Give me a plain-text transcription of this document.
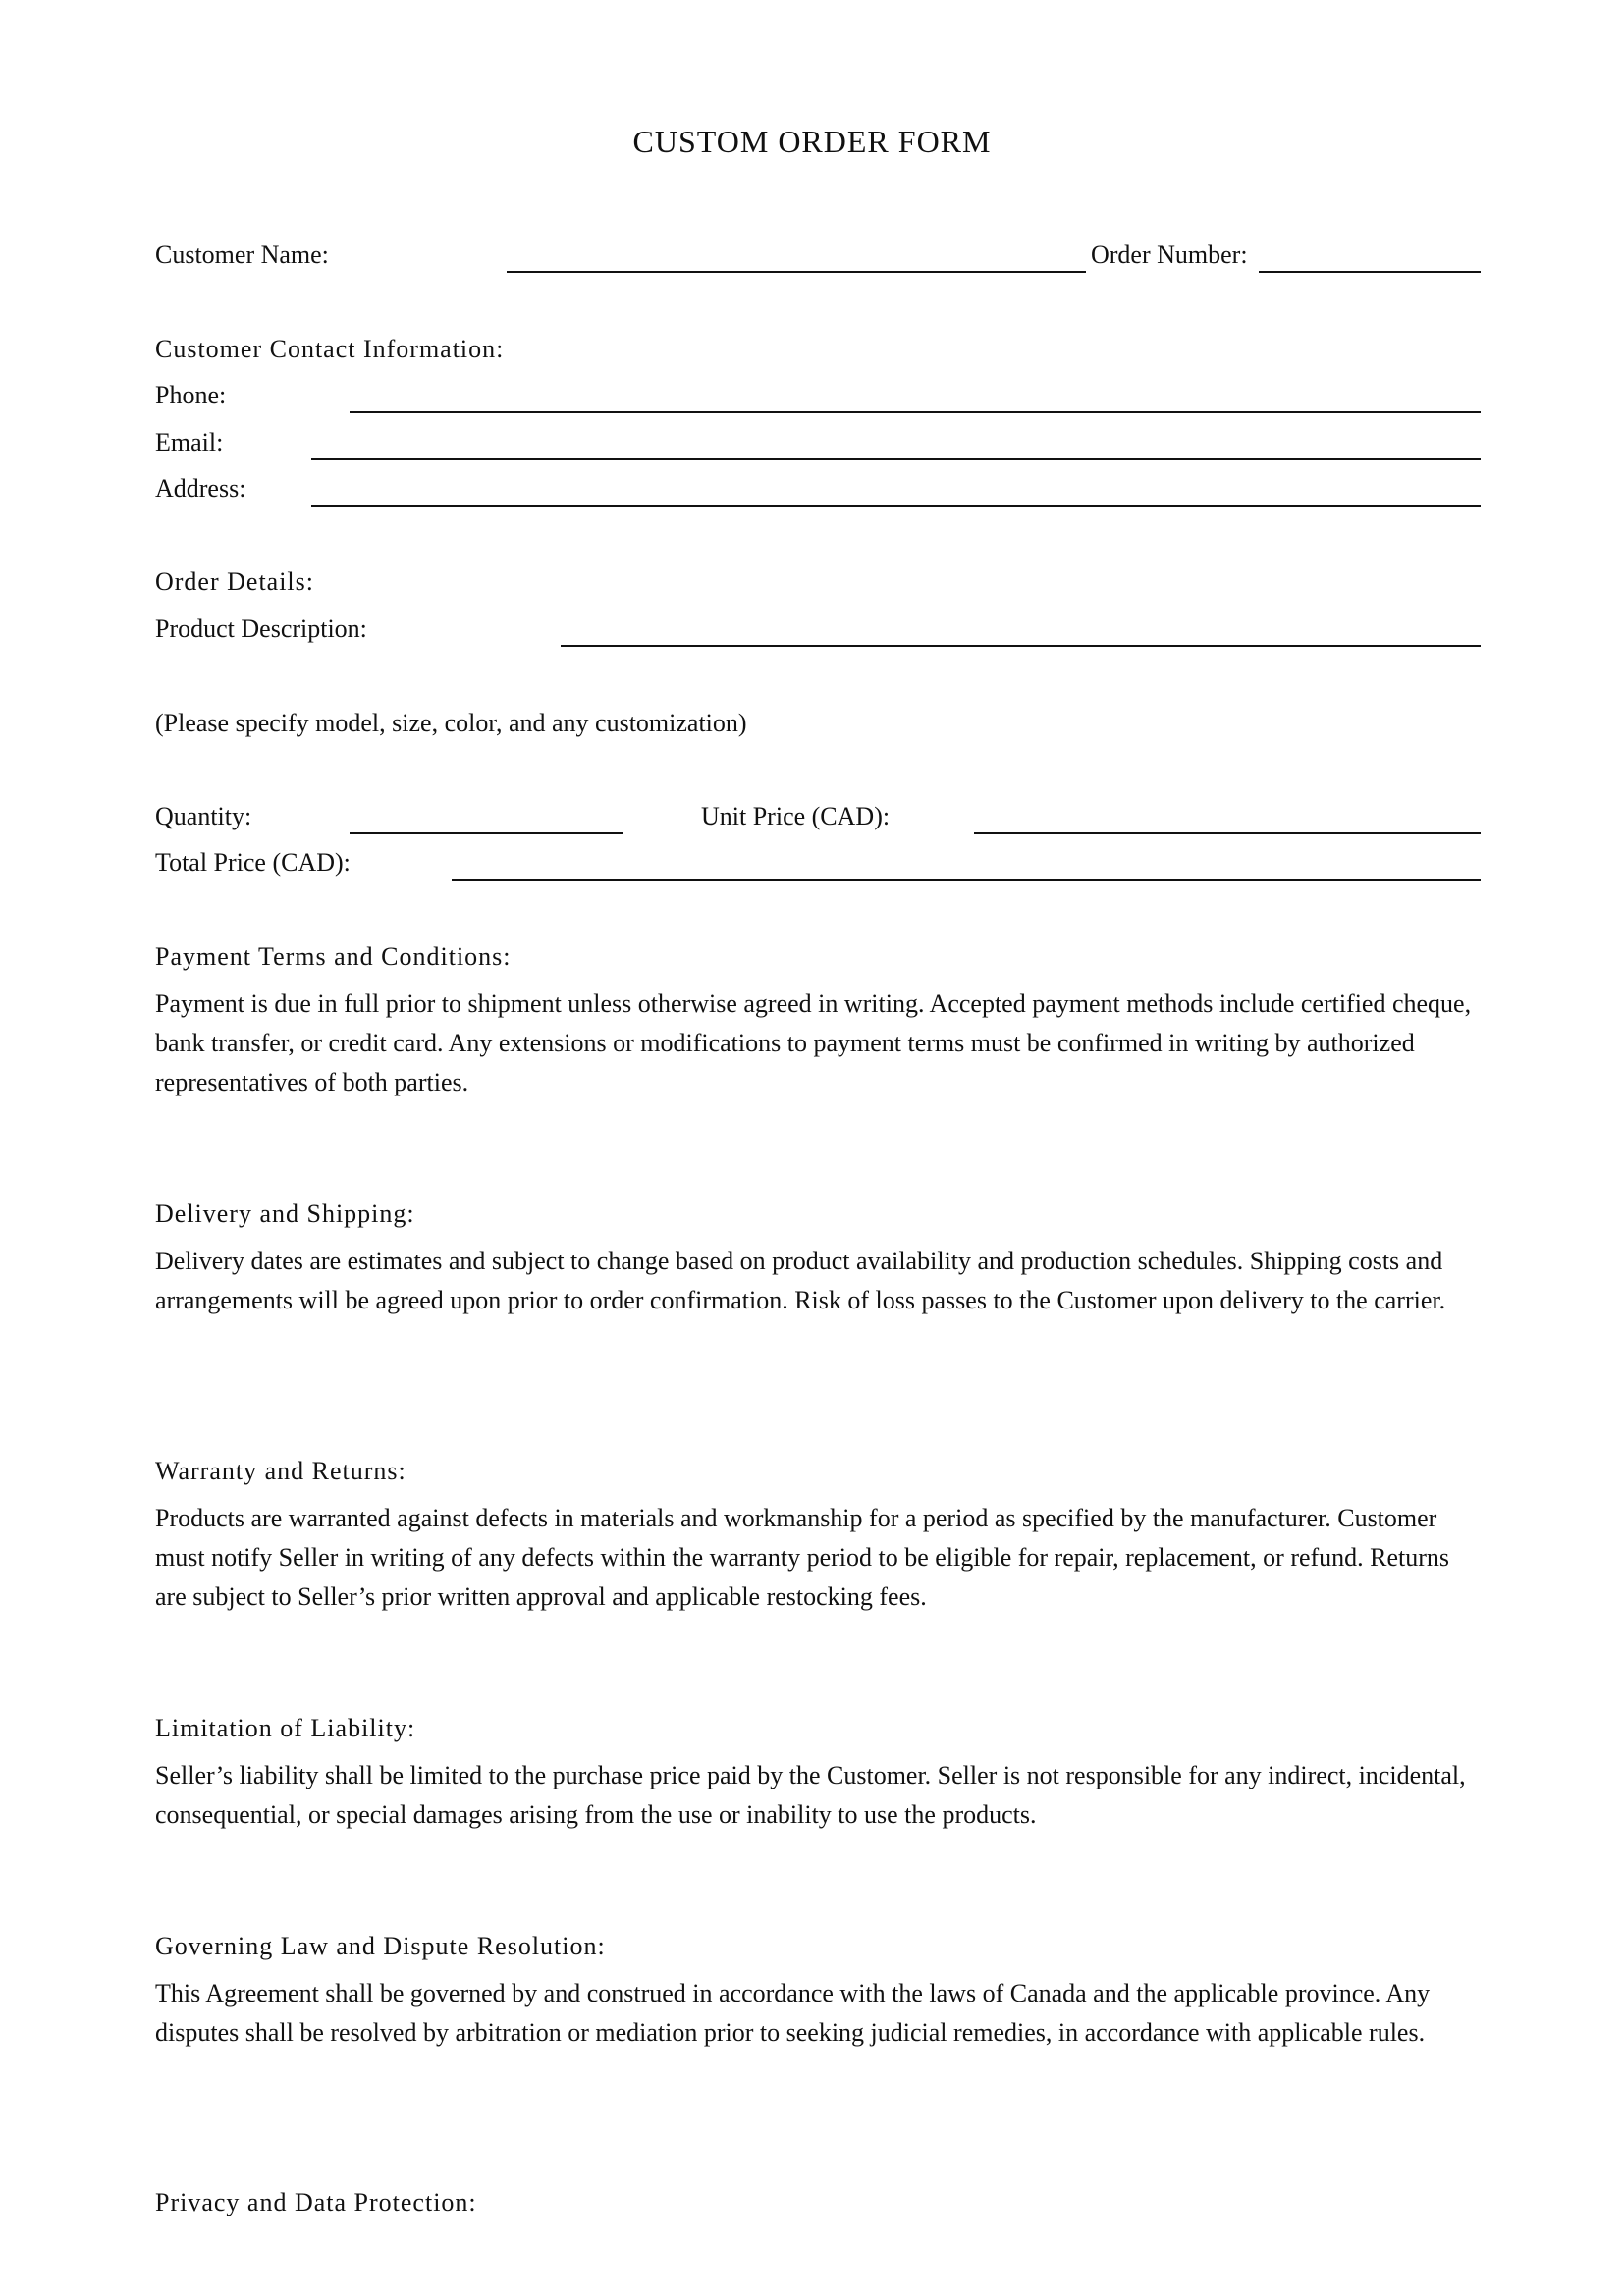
CUSTOM ORDER FORM
Customer Name:	Order Number:
Customer Contact Information:
Phone:
Email:
Address:
Order Details:
Product Description:
(Please specify model, size, color, and any customization)
Quantity:	Unit Price (CAD):
Total Price (CAD):
Payment Terms and Conditions:

Payment is due in full prior to shipment unless otherwise agreed in writing. Accepted payment methods include certified cheque, bank transfer, or credit card. Any extensions or modifications to payment terms must be confirmed in writing by authorized representatives of both parties.

Delivery and Shipping:

Delivery dates are estimates and subject to change based on product availability and production schedules. Shipping costs and arrangements will be agreed upon prior to order confirmation. Risk of loss passes to the Customer upon delivery to the carrier.

Warranty and Returns:

Products are warranted against defects in materials and workmanship for a period as specified by the manufacturer. Customer must notify Seller in writing of any defects within the warranty period to be eligible for repair, replacement, or refund. Returns are subject to Seller’s prior written approval and applicable restocking fees.

Limitation of Liability:

Seller’s liability shall be limited to the purchase price paid by the Customer. Seller is not responsible for any indirect, incidental, consequential, or special damages arising from the use or inability to use the products.

Governing Law and Dispute Resolution:

This Agreement shall be governed by and construed in accordance with the laws of Canada and the applicable province. Any disputes shall be resolved by arbitration or mediation prior to seeking judicial remedies, in accordance with applicable rules.

Privacy and Data Protection:
